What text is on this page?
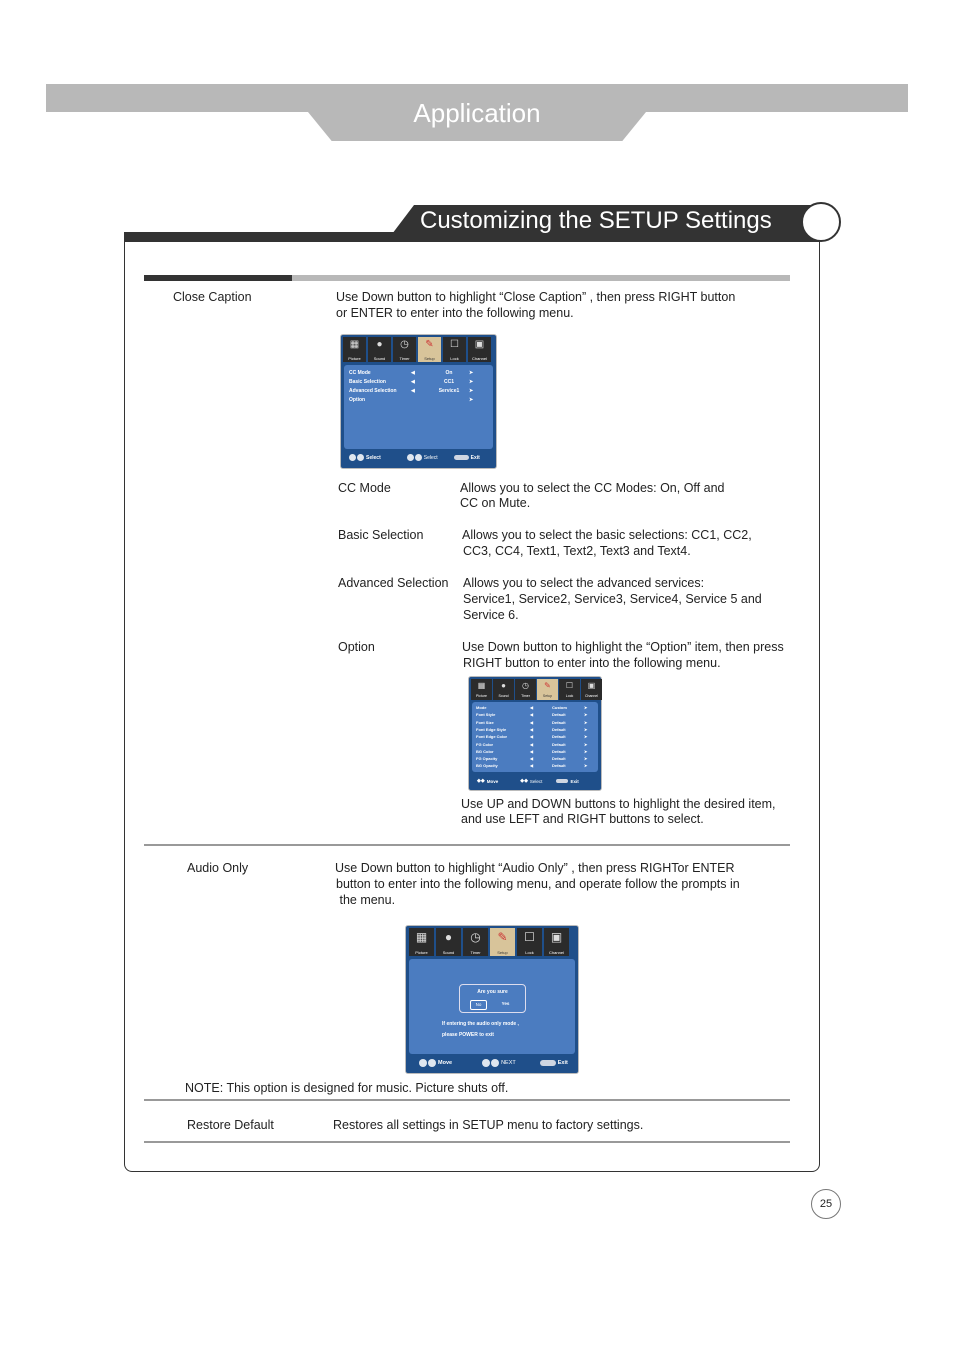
Application
Customizing the SETUP Settings
Close Caption	Use Down button to highlight “Close Caption” , then press RIGHT button
or ENTER to enter into the following menu.
▦
Picture
●
Sound
◷
Timer
✎
Setup
☐
Lock
▣
Channel
CC Mode	◀	On	➤
Basic Selection	◀	CC1	➤
Advanced Selection	◀	Service1	➤
Option	➤
Select	Select	Exit
CC Mode	Allows you to select the CC Modes: On, Off and
CC on Mute.
Basic Selection	Allows you to select the basic selections: CC1, CC2,
CC3, CC4, Text1, Text2, Text3 and Text4.
Advanced Selection Allows you to select the advanced services:
Service1, Service2, Service3, Service4, Service 5 and
Service 6.
Option	Use Down button to highlight the “Option” item, then press
RIGHT button to enter into the following menu.
▦
Picture
●
Sound
◷
Timer
✎
Setup
☐
Lock
▣
Channel
Mode	◀	Custom	➤
Font Style	◀	Default	➤
Font Size	◀	Default	➤
Font Edge Style	◀	Default	➤
Font Edge Color	◀	Default	➤
FG Color	◀	Default	➤
BG Color	◀	Default	➤
FG Opacity	◀	Default	➤
BG Opacity	◀	Default	➤
◆◆ Move	◆◆ Select	Exit
Use UP and DOWN buttons to highlight the desired item,
and use LEFT and RIGHT buttons to select.
Audio Only	Use Down button to highlight “Audio Only” , then press RIGHTor ENTER
button to enter into the following menu, and operate follow the prompts in
the menu.
▦
Picture
●
Sound
◷
Timer
✎
Setup
☐
Lock
▣
Channel
Are you sure
No	Yes
If entering the audio only mode ,
please POWER to exit
Move	NEXT	Exit
NOTE: This option is designed for music. Picture shuts off.
Restore Default	Restores all settings in SETUP menu to factory settings.
25
